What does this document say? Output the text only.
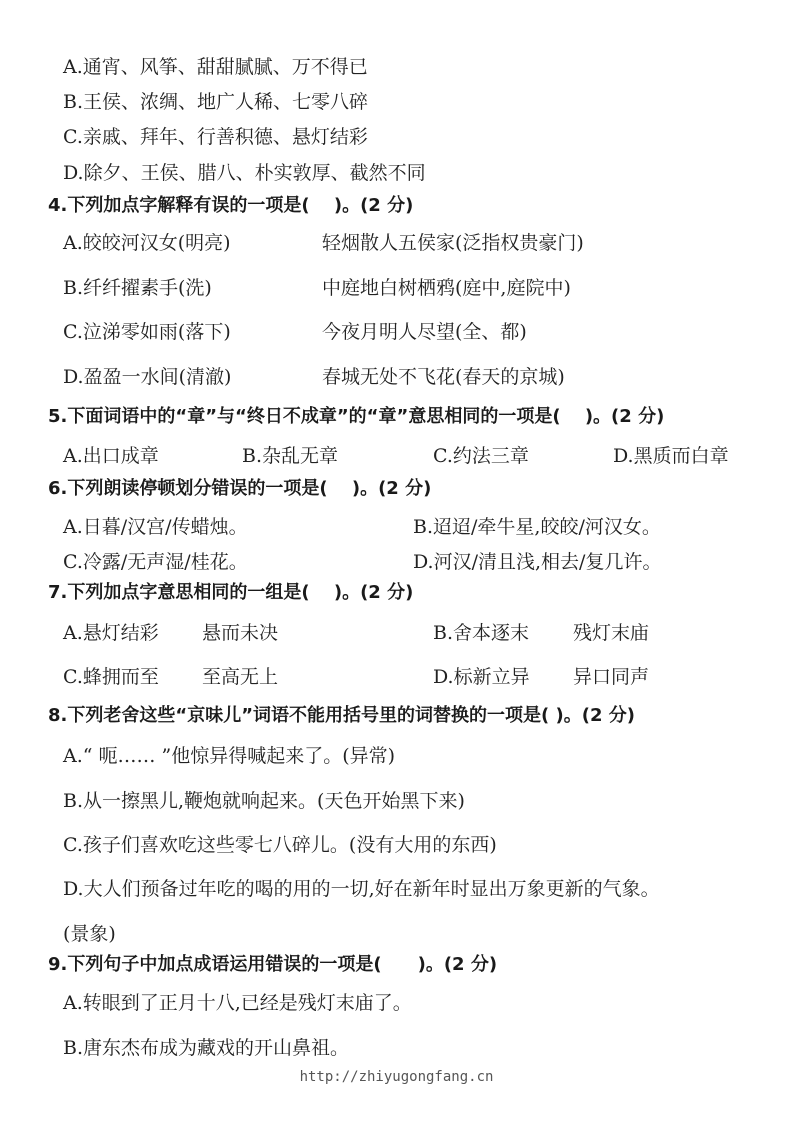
A.通宵、风筝、甜甜腻腻、万不得已
B.王侯、浓绸、地广人稀、七零八碎
C.亲戚、拜年、行善积德、悬灯结彩
D.除夕、王侯、腊八、朴实敦厚、截然不同
4.下列加点字解释有误的一项是(　 )。(2 分)
A.皎皎河汉女(明亮)	轻烟散人五侯家(泛指权贵豪门)
B.纤纤擢素手(洗)	中庭地白树栖鸦(庭中,庭院中)
C.泣涕零如雨(落下)	今夜月明人尽望(全、都)
D.盈盈一水间(清澈)	春城无处不飞花(春天的京城)
5.下面词语中的“章”与“终日不成章”的“章”意思相同的一项是(　 )。(2 分)
A.出口成章	B.杂乱无章	C.约法三章	D.黑质而白章
6.下列朗读停顿划分错误的一项是(　 )。(2 分)
A.日暮/汉宫/传蜡烛。	B.迢迢/牵牛星,皎皎/河汉女。
C.冷露/无声湿/桂花。	D.河汉/清且浅,相去/复几许。
7.下列加点字意思相同的一组是(　 )。(2 分)
A.悬灯结彩 悬而未决	B.舍本逐末 残灯末庙
C.蜂拥而至 至高无上	D.标新立异 异口同声
8.下列老舍这些“京味儿”词语不能用括号里的词替换的一项是( )。(2 分)
A.“ 呃…… ”他惊异得喊起来了。(异常)
B.从一擦黑儿,鞭炮就响起来。(天色开始黑下来)
C.孩子们喜欢吃这些零七八碎儿。(没有大用的东西)
D.大人们预备过年吃的喝的用的一切,好在新年时显出万象更新的气象。
(景象)
9.下列句子中加点成语运用错误的一项是(　　)。(2 分)
A.转眼到了正月十八,已经是残灯末庙了。
B.唐东杰布成为藏戏的开山鼻祖。
http://zhiyugongfang.cn
